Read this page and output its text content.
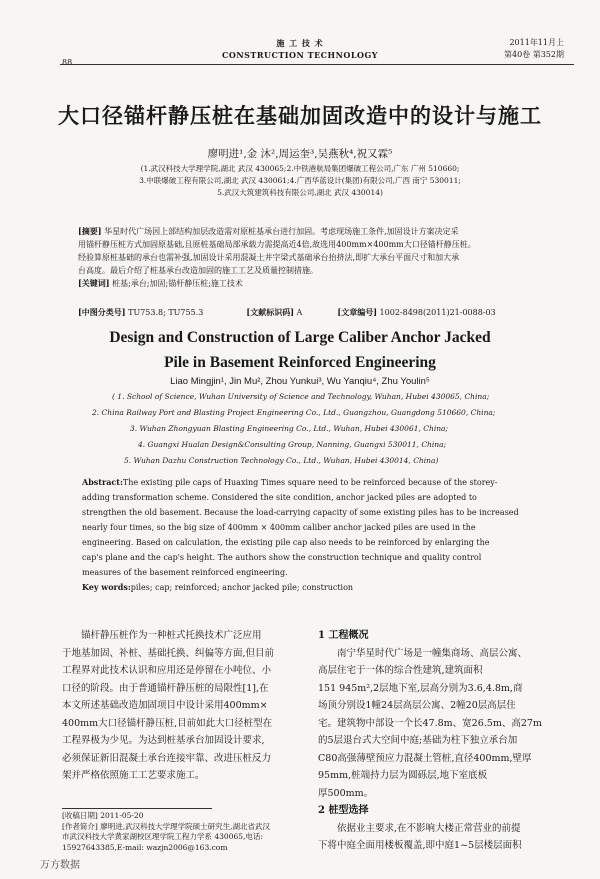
施 工 技 术
88
CONSTRUCTION TECHNOLOGY
2011年11月上
第40卷 第352期
大口径锚杆静压桩在基础加固改造中的设计与施工
廖明进¹,金 沐²,周运奎³,吴燕秋⁴,祝又霖⁵
(1.武汉科技大学理学院,湖北 武汉 430065;2.中铁港航局集团爆破工程公司,广东 广州 510660;
3.中联爆破工程有限公司,湖北 武汉 430061;4.广西华蓝设计(集团)有限公司,广西 南宁 530011;
5.武汉大筑建筑科技有限公司,湖北 武汉 430014)
[摘要] 华星时代广场因上部结构加层改造需对原桩基承台进行加固。考虑现场施工条件,加固设计方案决定采
用锚杆静压桩方式加固原基础,且原桩基础局部承载力需提高近4倍,故选用400mm×400mm大口径锚杆静压桩。
经验算原桩基础的承台也需补强,加固设计采用混凝土井字梁式基础承台抬挤法,即扩大承台平面尺寸和加大承
台高度。最后介绍了桩基承台改造加固的施工工艺及质量控制措施。
[关键词] 桩基;承台;加固;锚杆静压桩;施工技术
[中图分类号] TU753.8; TU755.3	[文献标识码] A	[文章编号] 1002-8498(2011)21-0088-03
Design and Construction of Large Caliber Anchor Jacked
Pile in Basement Reinforced Engineering
Liao Mingjin¹, Jin Mu², Zhou Yunkui³, Wu Yanqiu⁴, Zhu Youlin⁵
( 1. School of Science, Wuhan University of Science and Technology, Wuhan, Hubei 430065, China;
2. China Railway Port and Blasting Project Engineering Co., Ltd., Guangzhou, Guangdong 510660, China;
3. Wuhan Zhongyuan Blasting Engineering Co., Ltd., Wuhan, Hubei 430061, China;
4. Guangxi Hualan Design&Consulting Group, Nanning, Guangxi 530011, China;
5. Wuhan Dazhu Construction Technology Co., Ltd., Wuhan, Hubei 430014, China)
Abstract:The existing pile caps of Huaxing Times square need to be reinforced because of the storey-
adding transformation scheme. Considered the site condition, anchor jacked piles are adopted to
strengthen the old basement. Because the load-carrying capacity of some existing piles has to be increased
nearly four times, so the big size of 400mm × 400mm caliber anchor jacked piles are used in the
engineering. Based on calculation, the existing pile cap also needs to be reinforced by enlarging the
cap's plane and the cap's height. The authors show the construction technique and quality control
measures of the basement reinforced engineering.
Key words:piles; cap; reinforced; anchor jacked pile; construction
锚杆静压桩作为一种桩式托换技术广泛应用
于地基加固、补桩、基础托换、纠偏等方面,但目前
工程界对此技术认识和应用还是停留在小吨位、小
口径的阶段。由于普通锚杆静压桩的局限性[1],在
本文所述基础改造加固项目中设计采用400mm×
400mm大口径锚杆静压桩,目前如此大口径桩型在
工程界极为少见。为达到桩基承台加固设计要求,
必须保证新旧混凝土承台连接牢靠、改进压桩反力
架并严格依照施工工艺要求施工。
[收稿日期] 2011-05-20
[作者简介] 廖明进,武汉科技大学理学院硕士研究生,湖北省武汉
市武汉科技大学黄家湖校区理学院工程力学系 430065,电话:
15927643385,E-mail: wazjn2006@163.com
1 工程概况
南宁华星时代广场是一幢集商场、高层公寓、
高层住宅于一体的综合性建筑,建筑面积
151 945m²,2层地下室,层高分别为3.6,4.8m,商
场顶分别设1幢24层高层公寓、2幢20层高层住
宅。建筑物中部设一个长47.8m、宽26.5m、高27m
的5层退台式大空间中庭;基础为柱下独立承台加
C80高强薄壁预应力混凝土管桩,直径400mm,壁厚
95mm,桩端持力层为圆砾层,地下室底板
厚500mm。
2 桩型选择
依据业主要求,在不影响大楼正常营业的前提
下将中庭全面用楼板覆盖,即中庭1~5层楼层面积
万方数据
